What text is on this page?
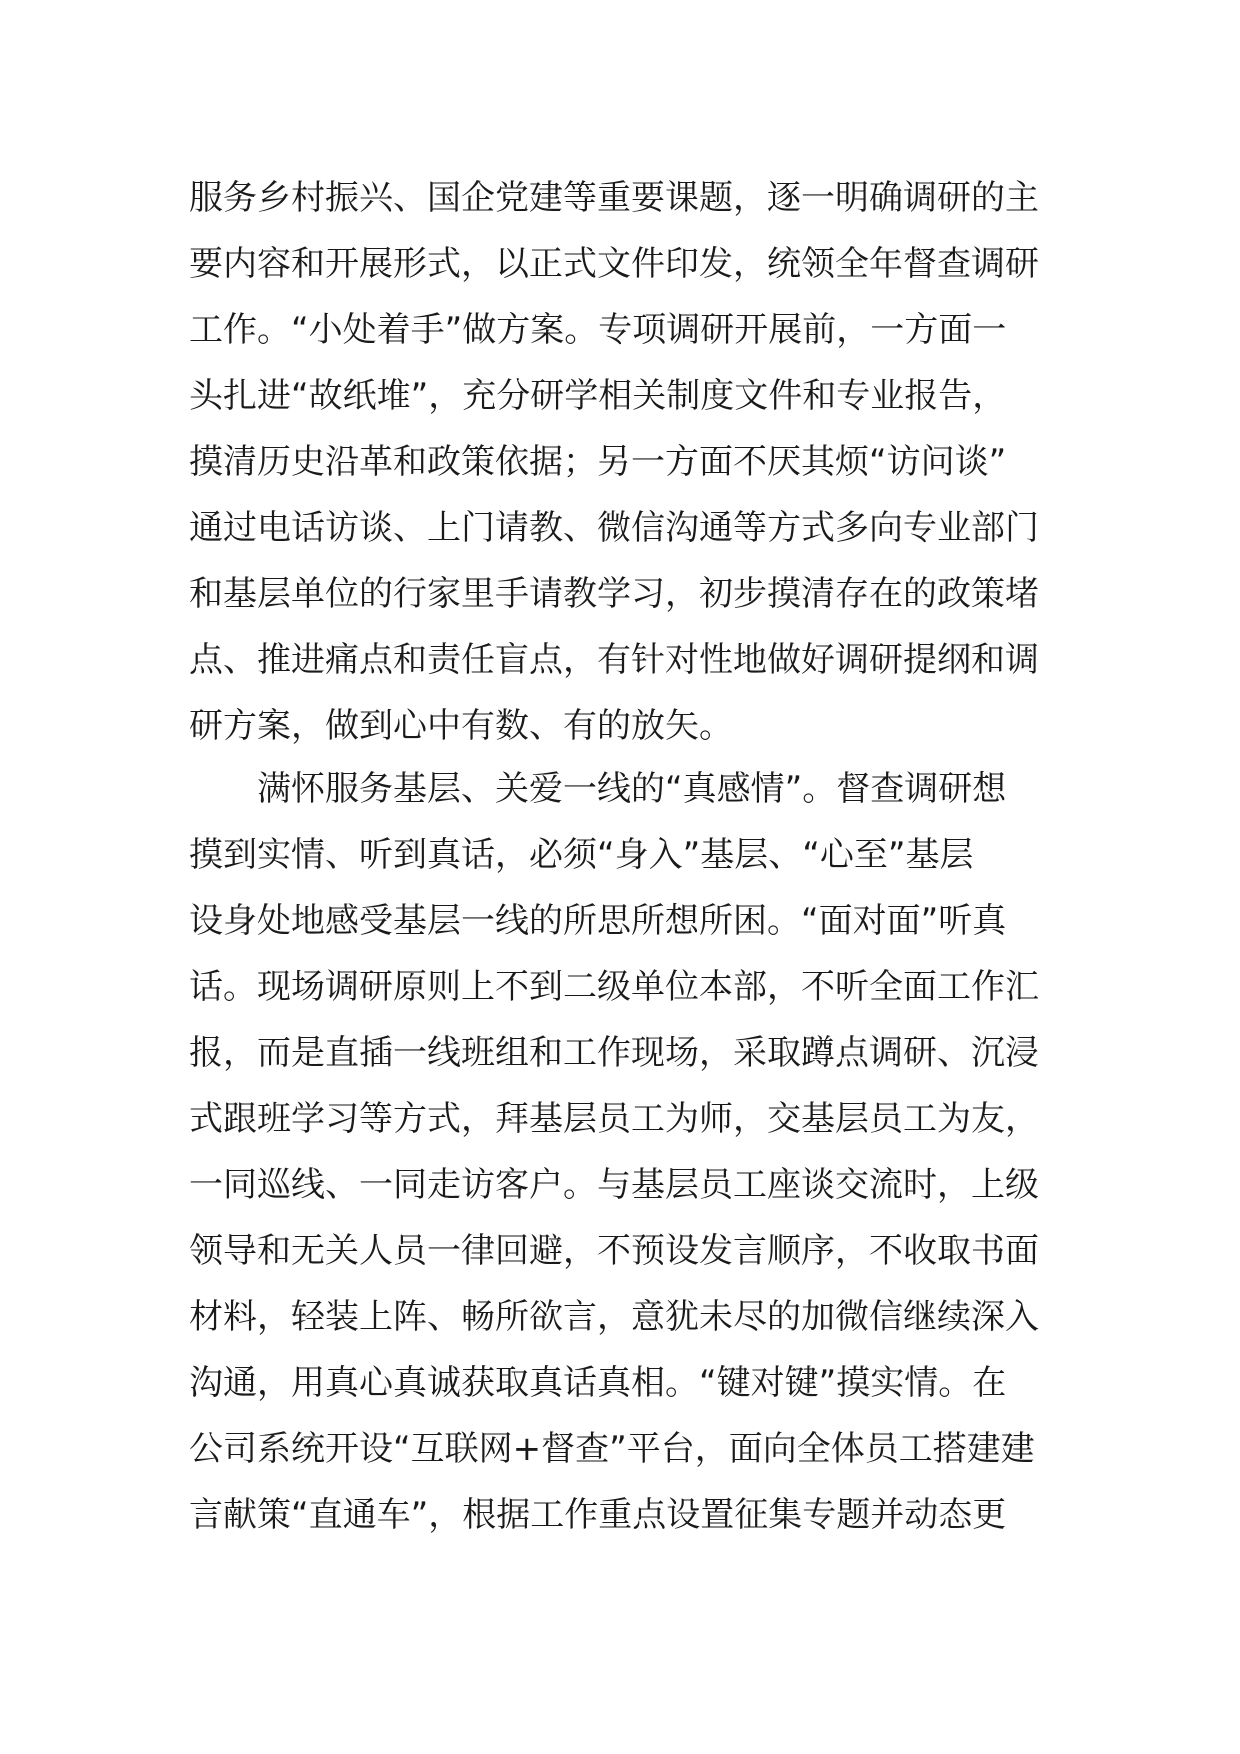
服务乡村振兴、国企党建等重要课题，逐一明确调研的主
要内容和开展形式，以正式文件印发，统领全年督查调研
工作。“小处着手”做方案。专项调研开展前，一方面一
头扎进“故纸堆”，充分研学相关制度文件和专业报告，
摸清历史沿革和政策依据；另一方面不厌其烦“访问谈”
通过电话访谈、上门请教、微信沟通等方式多向专业部门
和基层单位的行家里手请教学习，初步摸清存在的政策堵
点、推进痛点和责任盲点，有针对性地做好调研提纲和调
研方案，做到心中有数、有的放矢。
满怀服务基层、关爱一线的“真感情”。督查调研想
摸到实情、听到真话，必须“身入”基层、“心至”基层
设身处地感受基层一线的所思所想所困。“面对面”听真
话。现场调研原则上不到二级单位本部，不听全面工作汇
报，而是直插一线班组和工作现场，采取蹲点调研、沉浸
式跟班学习等方式，拜基层员工为师，交基层员工为友，
一同巡线、一同走访客户。与基层员工座谈交流时，上级
领导和无关人员一律回避，不预设发言顺序，不收取书面
材料，轻装上阵、畅所欲言，意犹未尽的加微信继续深入
沟通，用真心真诚获取真话真相。“键对键”摸实情。在
公司系统开设“互联网+督查”平台，面向全体员工搭建建
言献策“直通车”，根据工作重点设置征集专题并动态更
